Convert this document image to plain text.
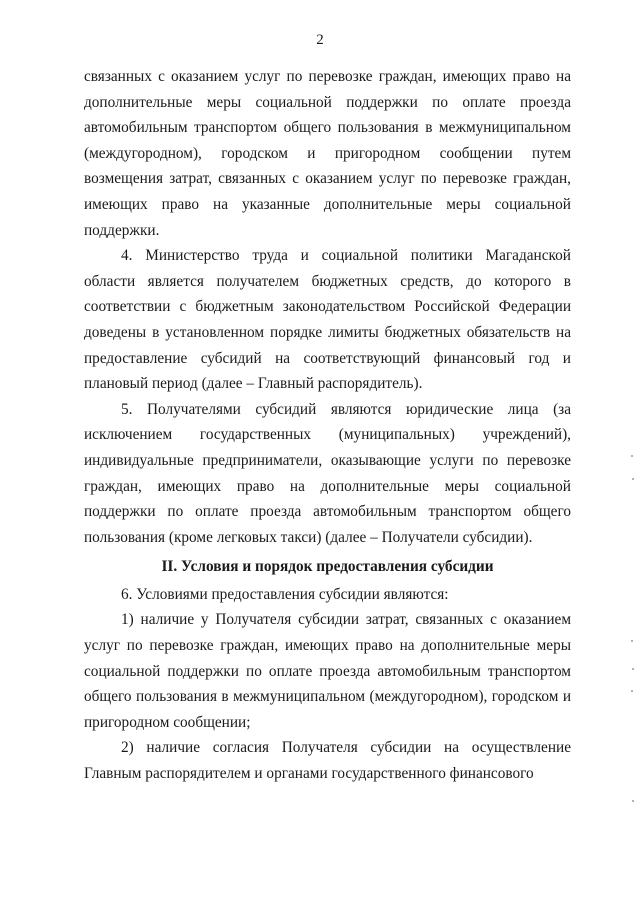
2

связанных с оказанием услуг по перевозке граждан, имеющих право на дополнительные меры социальной поддержки по оплате проезда автомобильным транспортом общего пользования в межмуниципальном (междугородном), городском и пригородном сообщении путем возмещения затрат, связанных с оказанием услуг по перевозке граждан, имеющих право на указанные дополнительные меры социальной поддержки.

4. Министерство труда и социальной политики Магаданской области является получателем бюджетных средств, до которого в соответствии с бюджетным законодательством Российской Федерации доведены в установленном порядке лимиты бюджетных обязательств на предоставление субсидий на соответствующий финансовый год и плановый период (далее – Главный распорядитель).

5. Получателями субсидий являются юридические лица (за исключением государственных (муниципальных) учреждений), индивидуальные предприниматели, оказывающие услуги по перевозке граждан, имеющих право на дополнительные меры социальной поддержки по оплате проезда автомобильным транспортом общего пользования (кроме легковых такси) (далее – Получатели субсидии).

II. Условия и порядок предоставления субсидии

6. Условиями предоставления субсидии являются:

1) наличие у Получателя субсидии затрат, связанных с оказанием услуг по перевозке граждан, имеющих право на дополнительные меры социальной поддержки по оплате проезда автомобильным транспортом общего пользования в межмуниципальном (междугородном), городском и пригородном сообщении;

2) наличие согласия Получателя субсидии на осуществление Главным распорядителем и органами государственного финансового
